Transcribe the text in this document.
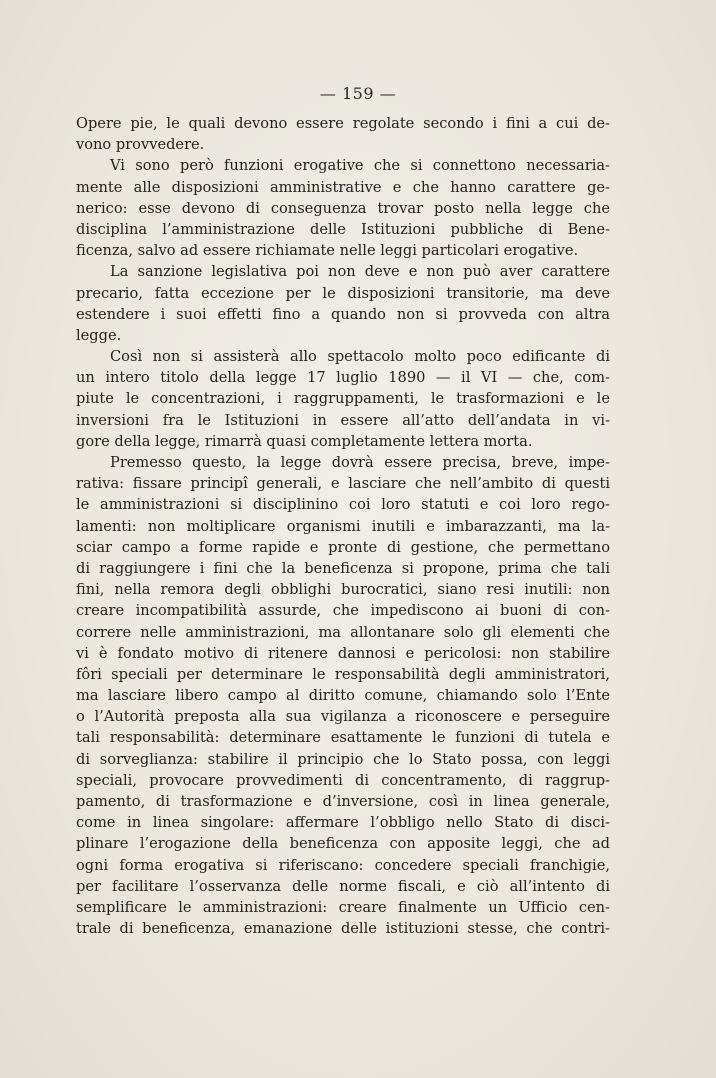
— 159 —
Opere pie, le quali devono essere regolate secondo i fini a cui de-
vono provvedere.
Vi sono però funzioni erogative che si connettono necessaria-
mente alle disposizioni amministrative e che hanno carattere ge-
nerico: esse devono di conseguenza trovar posto nella legge che
disciplina l’amministrazione delle Istituzioni pubbliche di Bene-
ficenza, salvo ad essere richiamate nelle leggi particolari erogative.
La sanzione legislativa poi non deve e non può aver carattere
precario, fatta eccezione per le disposizioni transitorie, ma deve
estendere i suoi effetti fino a quando non si provveda con altra
legge.
Così non si assisterà allo spettacolo molto poco edificante di
un intero titolo della legge 17 luglio 1890 — il VI — che, com-
piute le concentrazioni, i raggruppamenti, le trasformazioni e le
inversioni fra le Istituzioni in essere all’atto dell’andata in vi-
gore della legge, rimarrà quasi completamente lettera morta.
Premesso questo, la legge dovrà essere precisa, breve, impe-
rativa: fissare principî generali, e lasciare che nell’ambito di questi
le amministrazioni si disciplinino coi loro statuti e coi loro rego-
lamenti: non moltiplicare organismi inutili e imbarazzanti, ma la-
sciar campo a forme rapide e pronte di gestione, che permettano
di raggiungere i fini che la beneficenza si propone, prima che tali
fini, nella remora degli obblighi burocratici, siano resi inutili: non
creare incompatibilità assurde, che impediscono ai buoni di con-
correre nelle amministrazioni, ma allontanare solo gli elementi che
vi è fondato motivo di ritenere dannosi e pericolosi: non stabilire
fôri speciali per determinare le responsabilità degli amministratori,
ma lasciare libero campo al diritto comune, chiamando solo l’Ente
o l’Autorità preposta alla sua vigilanza a riconoscere e perseguire
tali responsabilità: determinare esattamente le funzioni di tutela e
di sorveglianza: stabilire il principio che lo Stato possa, con leggi
speciali, provocare provvedimenti di concentramento, di raggrup-
pamento, di trasformazione e d’inversione, così in linea generale,
come in linea singolare: affermare l’obbligo nello Stato di disci-
plinare l’erogazione della beneficenza con apposite leggi, che ad
ogni forma erogativa si riferiscano: concedere speciali franchigie,
per facilitare l’osservanza delle norme fiscali, e ciò all’intento di
semplificare le amministrazioni: creare finalmente un Ufficio cen-
trale di beneficenza, emanazione delle istituzioni stesse, che contri-
